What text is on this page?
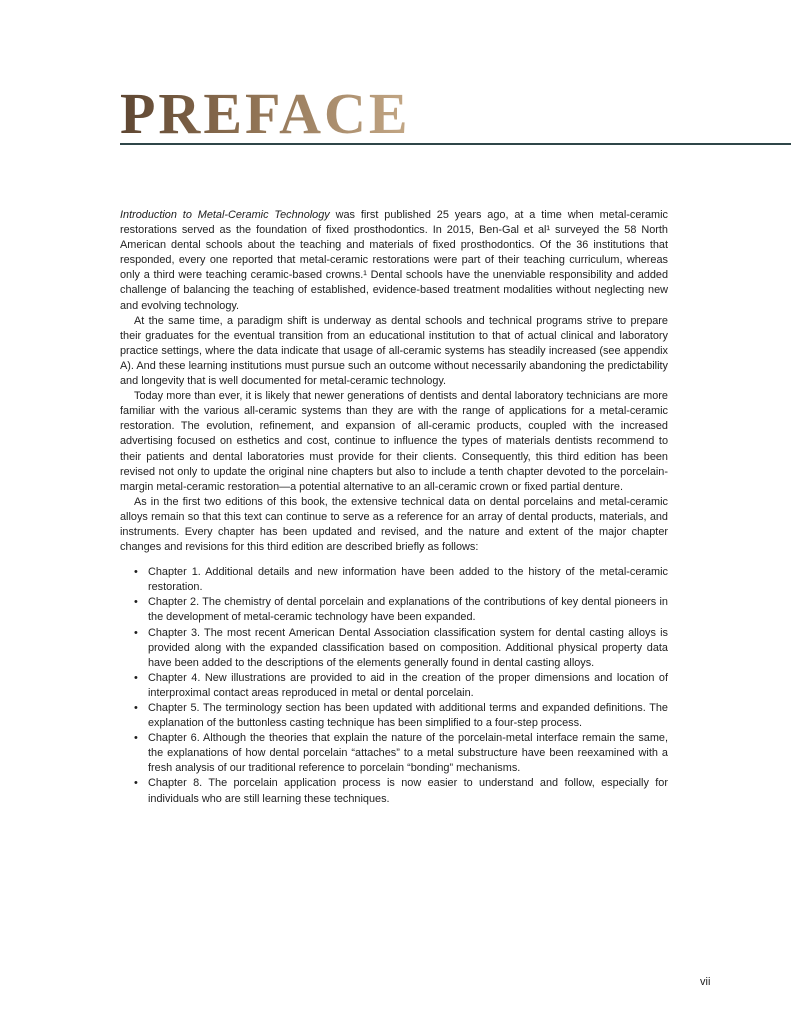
PREFACE

Introduction to Metal-Ceramic Technology was first published 25 years ago, at a time when metal-ceramic restorations served as the foundation of fixed prosthodontics. In 2015, Ben-Gal et al¹ surveyed the 58 North American dental schools about the teaching and materials of fixed prosthodontics. Of the 36 institutions that responded, every one reported that metal-ceramic restorations were part of their teaching curriculum, whereas only a third were teaching ceramic-based crowns.¹ Dental schools have the unenviable responsibility and added challenge of balancing the teaching of established, evidence-based treatment modalities without neglecting new and evolving technology.

At the same time, a paradigm shift is underway as dental schools and technical programs strive to prepare their graduates for the eventual transition from an educational institution to that of actual clinical and laboratory practice settings, where the data indicate that usage of all-ceramic systems has steadily increased (see appendix A). And these learning institutions must pursue such an outcome without necessarily abandoning the predictability and longevity that is well documented for metal-ceramic technology.

Today more than ever, it is likely that newer generations of dentists and dental laboratory technicians are more familiar with the various all-ceramic systems than they are with the range of applications for a metal-ceramic restoration. The evolution, refinement, and expansion of all-ceramic products, coupled with the increased advertising focused on esthetics and cost, continue to influence the types of materials dentists recommend to their patients and dental laboratories must provide for their clients. Consequently, this third edition has been revised not only to update the original nine chapters but also to include a tenth chapter devoted to the porcelain-margin metal-ceramic restoration—a potential alternative to an all-ceramic crown or fixed partial denture.

As in the first two editions of this book, the extensive technical data on dental porcelains and metal-ceramic alloys remain so that this text can continue to serve as a reference for an array of dental products, materials, and instruments. Every chapter has been updated and revised, and the nature and extent of the major chapter changes and revisions for this third edition are described briefly as follows:

• Chapter 1. Additional details and new information have been added to the history of the metal-ceramic restoration.
• Chapter 2. The chemistry of dental porcelain and explanations of the contributions of key dental pioneers in the development of metal-ceramic technology have been expanded.
• Chapter 3. The most recent American Dental Association classification system for dental casting alloys is provided along with the expanded classification based on composition. Additional physical property data have been added to the descriptions of the elements generally found in dental casting alloys.
• Chapter 4. New illustrations are provided to aid in the creation of the proper dimensions and location of interproximal contact areas reproduced in metal or dental porcelain.
• Chapter 5. The terminology section has been updated with additional terms and expanded definitions. The explanation of the buttonless casting technique has been simplified to a four-step process.
• Chapter 6. Although the theories that explain the nature of the porcelain-metal interface remain the same, the explanations of how dental porcelain “attaches” to a metal substructure have been reexamined with a fresh analysis of our traditional reference to porcelain “bonding” mechanisms.
• Chapter 8. The porcelain application process is now easier to understand and follow, especially for individuals who are still learning these techniques.
vii
